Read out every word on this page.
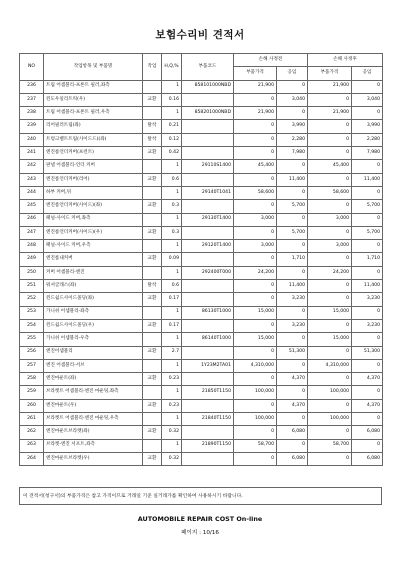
보험수리비 견적서
NO	작업항목 및 부품명	작업	H,Q,%	부품코드	손해 사정전		손해 사정후	
					부품가격	공임	부품가격	공임
236	트림 어셈블리-프론트 필러,좌측		1	858101000NBD	21,900	0	21,900	0
237	윈도우일리트릭(우)	교환	0.16		0	3,040	0	3,040
238	트림 어셈블리-프론트 필러,우측		1	858201000NBD	21,900	0	21,900	0
239	리어필러트림(좌)	탈착	0.21		0	3,990	0	3,990
240	트렁크벨트트림(사이드드)(좌)	탈착	0.12		0	2,280	0	2,280
241	엔진룸언더커버(프런트)	교환	0.42		0	7,980	0	7,980
242	판넬 어셈블리-언더 커버		1	29110S1400	45,400	0	45,400	0
243	엔진룸언더커버(리어)	교환	0.6		0	11,400	0	11,400
244	하부 커버,뒤		1	29140T1041	58,600	0	58,600	0
245	엔진룸언더커버(사이드)(좌)	교환	0.3		0	5,700	0	5,700
246	패널-사이드 커버,좌측		1	29130T1400	3,000	0	3,000	0
247	엔진룸언더커버(사이드)(우)	교환	0.3		0	5,700	0	5,700
248	패널-사이드 커버,우측		1	29120T1400	3,000	0	3,000	0
249	엔진룸내커버	교환	0.09		0	1,710	0	1,710
250	커버 어셈블리-엔진		1	292400T000	24,200	0	24,200	0
251	워셔글래스(좌)	탈착	0.6		0	11,400	0	11,400
252	윈드쉴드사이드몰딩(좌)	교환	0.17		0	3,230	0	3,230
253	가니쉬 어셈블리-좌측		1	86130T1000	15,000	0	15,000	0
254	윈드쉴드사이드몰딩(우)	교환	0.17		0	3,230	0	3,230
255	가니쉬 어셈블리-우측		1	86140T1000	15,000	0	15,000	0
256	엔진어셈블리	교환	2.7		0	51,300	0	51,300
257	엔진 어셈블리-서브		1	1Y23M2TA01	4,310,000	0	4,310,000	0
258	엔진마운트(좌)	교환	0.23		0	4,370	0	4,370
259	브라켓트 어셈블리-엔진 마운팅,좌측		1	21850T1150	100,000	0	100,000	0
260	엔진마운트(우)	교환	0.23		0	4,370	0	4,370
261	브라켓트 어셈블리-엔진 마운팅,우측		1	21840T1150	100,000	0	100,000	0
262	엔진마운트브라켓(좌)	교환	0.32		0	6,080	0	6,080
263	브라켓-엔진 서포트,좌측		1	21890T1150	58,700	0	58,700	0
264	엔진마운트브라켓(우)	교환	0.32		0	6,080	0	6,080
이 견적서(청구서)의 부품가격은 참고 가격이므로 거래일 기준 실거래가를 확인하여 사용하시기 바랍니다.
AUTOMOBILE REPAIR COST On-line
페이지 : 10/16
